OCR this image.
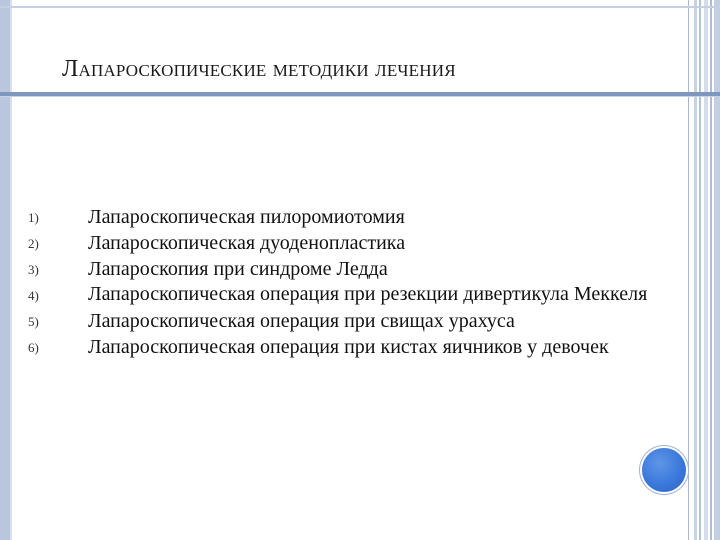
Лапароскопические методики лечения
1)	Лапароскопическая пилоромиотомия
2)	Лапароскопическая дуоденопластика
3)	Лапароскопия при синдроме Ледда
4)	Лапароскопическая операция при резекции дивертикула Меккеля
5)	Лапароскопическая операция при свищах урахуса
6)	Лапароскопическая операция при кистах яичников у девочек
